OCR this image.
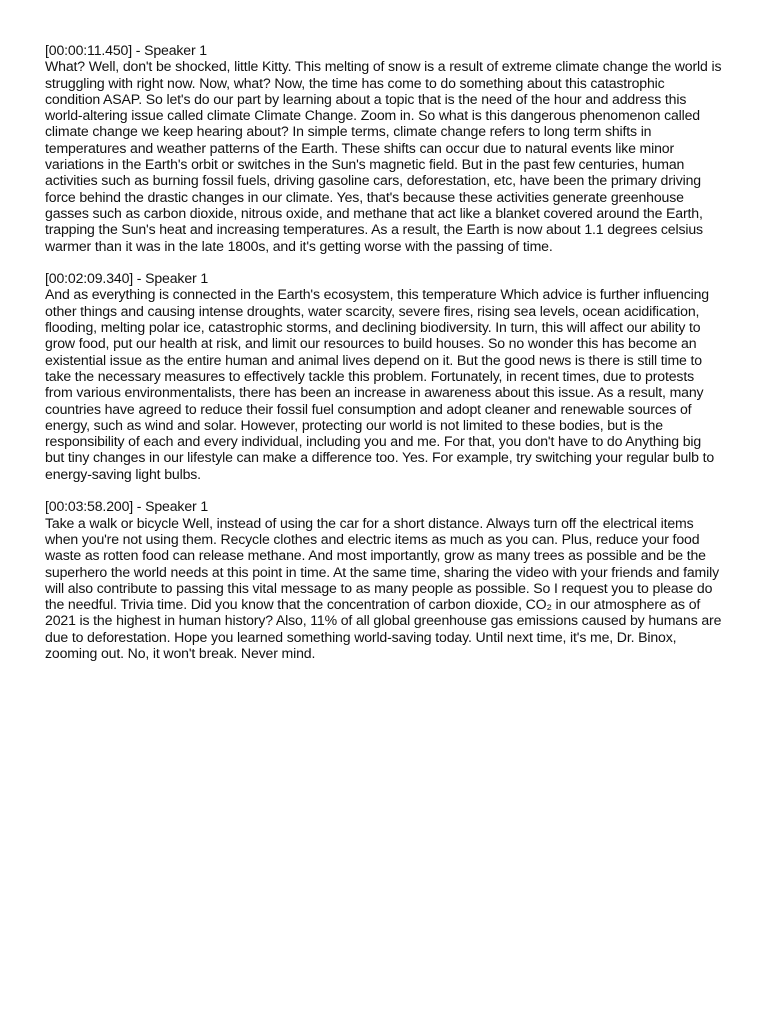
[00:00:11.450] - Speaker 1
What? Well, don't be shocked, little Kitty. This melting of snow is a result of extreme climate change the world is struggling with right now. Now, what? Now, the time has come to do something about this catastrophic condition ASAP. So let's do our part by learning about a topic that is the need of the hour and address this world-altering issue called climate Climate Change. Zoom in. So what is this dangerous phenomenon called climate change we keep hearing about? In simple terms, climate change refers to long term shifts in temperatures and weather patterns of the Earth. These shifts can occur due to natural events like minor variations in the Earth's orbit or switches in the Sun's magnetic field. But in the past few centuries, human activities such as burning fossil fuels, driving gasoline cars, deforestation, etc, have been the primary driving force behind the drastic changes in our climate. Yes, that's because these activities generate greenhouse gasses such as carbon dioxide, nitrous oxide, and methane that act like a blanket covered around the Earth, trapping the Sun's heat and increasing temperatures. As a result, the Earth is now about 1.1 degrees celsius warmer than it was in the late 1800s, and it's getting worse with the passing of time.
[00:02:09.340] - Speaker 1
And as everything is connected in the Earth's ecosystem, this temperature Which advice is further influencing other things and causing intense droughts, water scarcity, severe fires, rising sea levels, ocean acidification, flooding, melting polar ice, catastrophic storms, and declining biodiversity. In turn, this will affect our ability to grow food, put our health at risk, and limit our resources to build houses. So no wonder this has become an existential issue as the entire human and animal lives depend on it. But the good news is there is still time to take the necessary measures to effectively tackle this problem. Fortunately, in recent times, due to protests from various environmentalists, there has been an increase in awareness about this issue. As a result, many countries have agreed to reduce their fossil fuel consumption and adopt cleaner and renewable sources of energy, such as wind and solar. However, protecting our world is not limited to these bodies, but is the responsibility of each and every individual, including you and me. For that, you don't have to do Anything big but tiny changes in our lifestyle can make a difference too. Yes. For example, try switching your regular bulb to energy-saving light bulbs.
[00:03:58.200] - Speaker 1
Take a walk or bicycle Well, instead of using the car for a short distance. Always turn off the electrical items when you're not using them. Recycle clothes and electric items as much as you can. Plus, reduce your food waste as rotten food can release methane. And most importantly, grow as many trees as possible and be the superhero the world needs at this point in time. At the same time, sharing the video with your friends and family will also contribute to passing this vital message to as many people as possible. So I request you to please do the needful. Trivia time. Did you know that the concentration of carbon dioxide, CO₂ in our atmosphere as of 2021 is the highest in human history? Also, 11% of all global greenhouse gas emissions caused by humans are due to deforestation. Hope you learned something world-saving today. Until next time, it's me, Dr. Binox, zooming out. No, it won't break. Never mind.
